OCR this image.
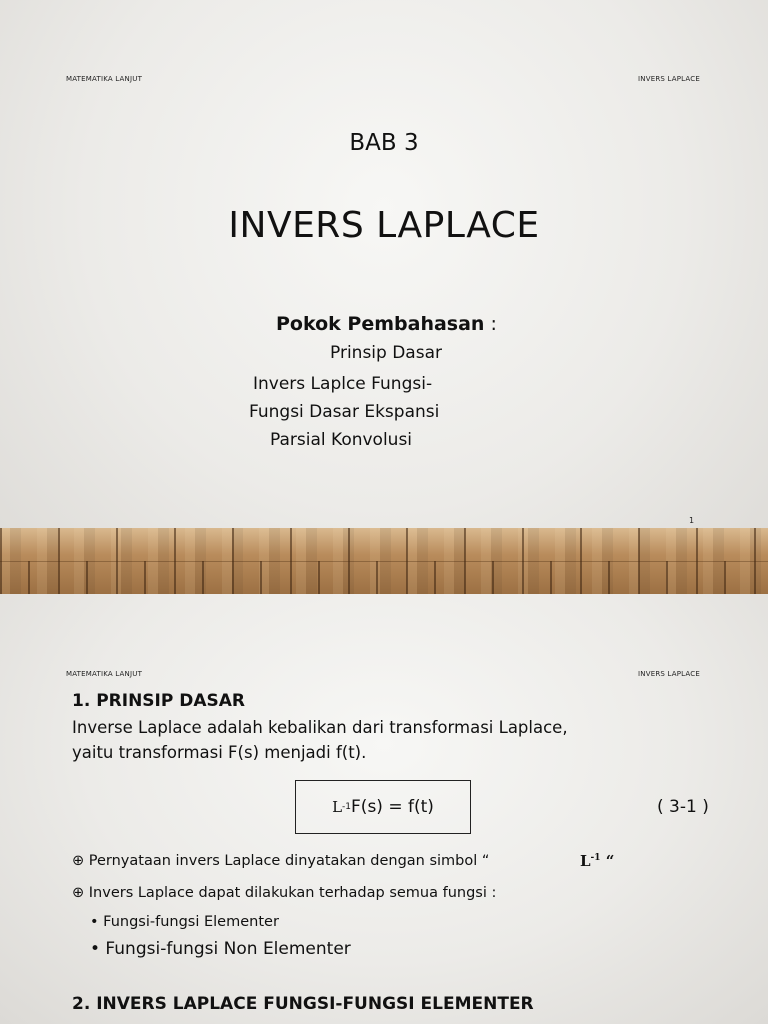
MATEMATIKA LANJUT	INVERS LAPLACE
BAB 3
INVERS LAPLACE
Pokok Pembahasan :
Prinsip Dasar
Invers Laplce Fungsi-
Fungsi Dasar Ekspansi
Parsial Konvolusi
1
MATEMATIKA LANJUT	INVERS LAPLACE
1. PRINSIP DASAR
Inverse Laplace adalah kebalikan dari transformasi Laplace,
yaitu transformasi F(s) menjadi f(t).
L -1 F(s) = f(t)	( 3-1 )
⊕ Pernyataan invers Laplace dinyatakan dengan simbol “	$L^{-1}$ “
⊕ Invers Laplace dapat dilakukan terhadap semua fungsi :
• Fungsi-fungsi Elementer
• Fungsi-fungsi Non Elementer
2. INVERS LAPLACE FUNGSI-FUNGSI ELEMENTER
